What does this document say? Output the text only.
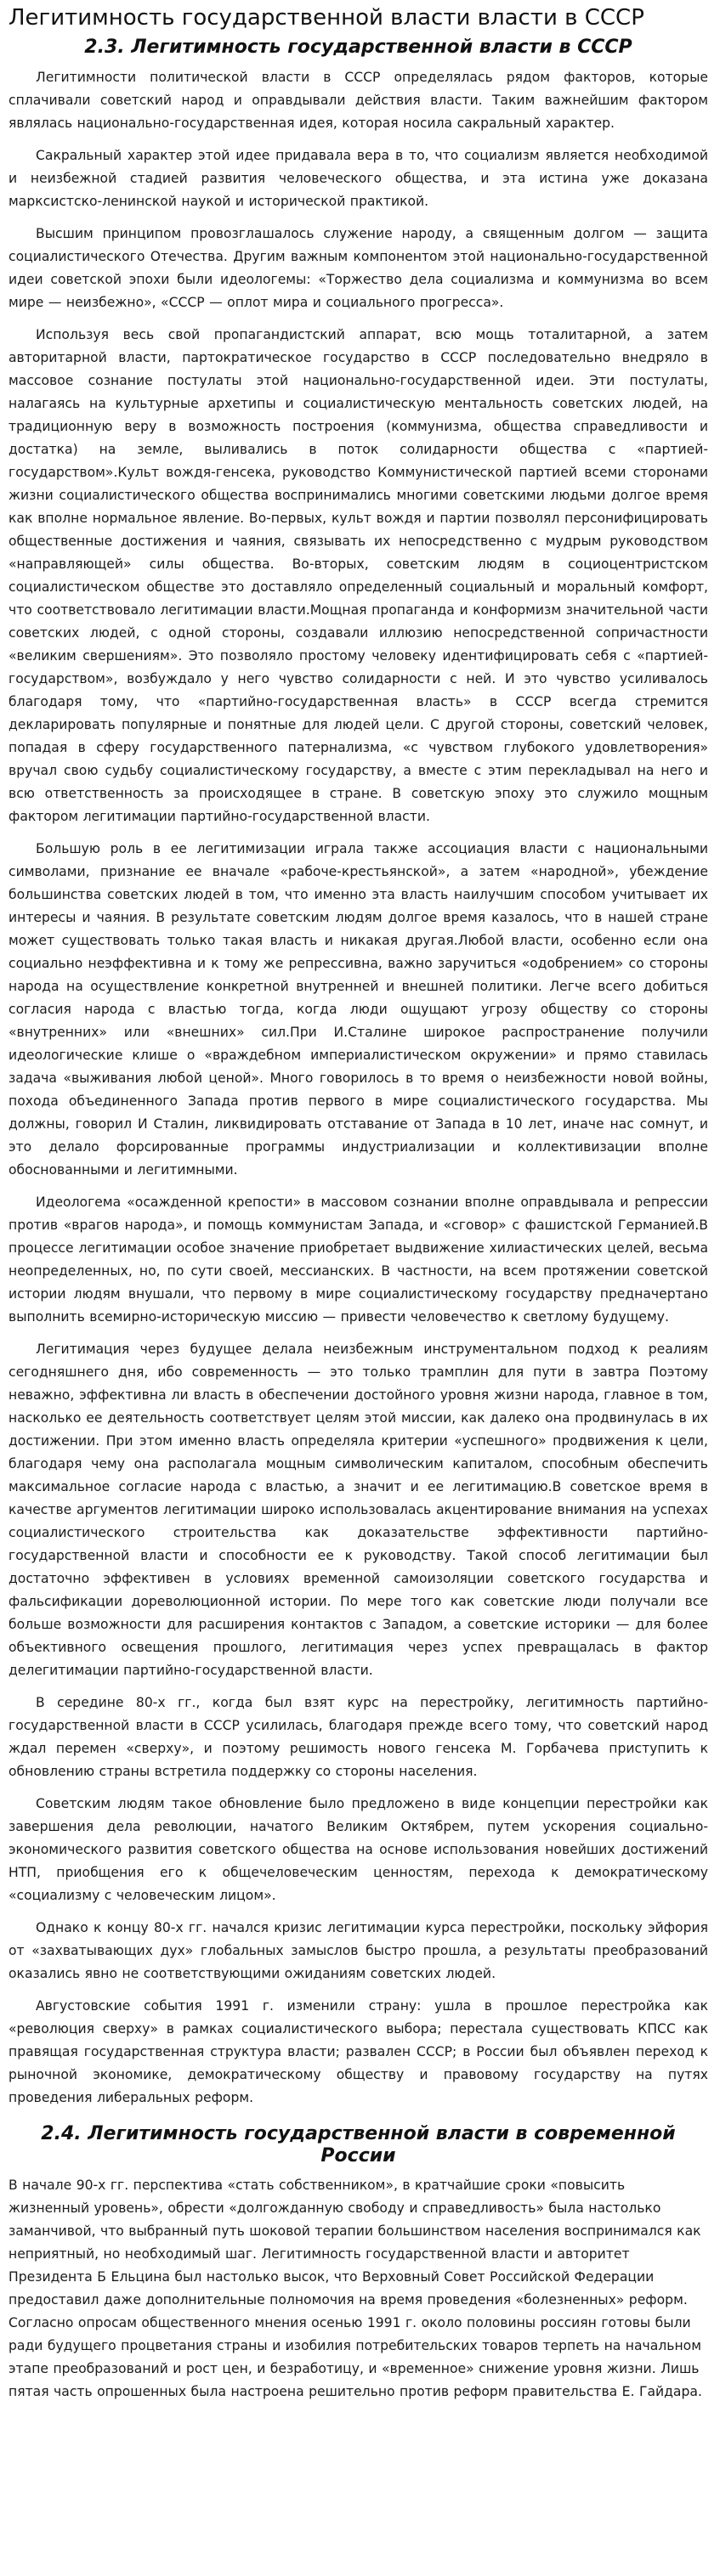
Легитимность государственной власти власти в СССР
2.3. Легитимность государственной власти в СССР

Легитимности политической власти в СССР определялась рядом факторов, которые сплачивали советский народ и оправдывали действия власти. Таким важнейшим фактором являлась национально-государственная идея, которая носила сакральный характер.

Сакральный характер этой идее придавала вера в то, что социализм является необходимой и неизбежной стадией развития человеческого общества, и эта истина уже доказана марксистско-ленинской наукой и исторической практикой.

Высшим принципом провозглашалось служение народу, а священным долгом — защита социалистического Отечества. Другим важным компонентом этой национально-государственной идеи советской эпохи были идеологемы: «Торжество дела социализма и коммунизма во всем мире — неизбежно», «СССР — оплот мира и социального прогресса».

Используя весь свой пропагандистский аппарат, всю мощь тоталитарной, а затем авторитарной власти, партократическое государство в СССР последовательно внедряло в массовое сознание постулаты этой национально-государственной идеи. Эти постулаты, налагаясь на культурные архетипы и социалистическую ментальность советских людей, на традиционную веру в возможность построения (коммунизма, общества справедливости и достатка) на земле, выливались в поток солидарности общества с «партией-государством».Культ вождя-генсека, руководство Коммунистической партией всеми сторонами жизни социалистического общества воспринимались многими советскими людьми долгое время как вполне нормальное явление. Во-первых, культ вождя и партии позволял персонифицировать общественные достижения и чаяния, связывать их непосредственно с мудрым руководством «направляющей» силы общества. Во-вторых, советским людям в социоцентристском социалистическом обществе это доставляло определенный социальный и моральный комфорт, что соответствовало легитимации власти.Мощная пропаганда и конформизм значительной части советских людей, с одной стороны, создавали иллюзию непосредственной сопричастности «великим свершениям». Это позволяло простому человеку идентифицировать себя с «партией-государством», возбуждало у него чувство солидарности с ней. И это чувство усиливалось благодаря тому, что «партийно-государственная власть» в СССР всегда стремится декларировать популярные и понятные для людей цели. С другой стороны, советский человек, попадая в сферу государственного патернализма, «с чувством глубокого удовлетворения» вручал свою судьбу социалистическому государству, а вместе с этим перекладывал на него и всю ответственность за происходящее в стране. В советскую эпоху это служило мощным фактором легитимации партийно-государственной власти.

Большую роль в ее легитимизации играла также ассоциация власти с национальными символами, признание ее вначале «рабоче-крестьянской», а затем «народной», убеждение большинства советских людей в том, что именно эта власть наилучшим способом учитывает их интересы и чаяния. В результате советским людям долгое время казалось, что в нашей стране может существовать только такая власть и никакая другая.Любой власти, особенно если она социально неэффективна и к тому же репрессивна, важно заручиться «одобрением» со стороны народа на осуществление конкретной внутренней и внешней политики. Легче всего добиться согласия народа с властью тогда, когда люди ощущают угрозу обществу со стороны «внутренних» или «внешних» сил.При И.Сталине широкое распространение получили идеологические клише о «враждебном империалистическом окружении» и прямо ставилась задача «выживания любой ценой». Много говорилось в то время о неизбежности новой войны, похода объединенного Запада против первого в мире социалистического государства. Мы должны, говорил И Сталин, ликвидировать отставание от Запада в 10 лет, иначе нас сомнут, и это делало форсированные программы индустриализации и коллективизации вполне обоснованными и легитимными.

Идеологема «осажденной крепости» в массовом сознании вполне оправдывала и репрессии против «врагов народа», и помощь коммунистам Запада, и «сговор» с фашистской Германией.В процессе легитимации особое значение приобретает выдвижение хилиастических целей, весьма неопределенных, но, по сути своей, мессианских. В частности, на всем протяжении советской истории людям внушали, что первому в мире социалистическому государству предначертано выполнить всемирно-историческую миссию — привести человечество к светлому будущему.

Легитимация через будущее делала неизбежным инструментальном подход к реалиям сегодняшнего дня, ибо современность — это только трамплин для пути в завтра Поэтому неважно, эффективна ли власть в обеспечении достойного уровня жизни народа, главное в том, насколько ее деятельность соответствует целям этой миссии, как далеко она продвинулась в их достижении. При этом именно власть определяла критерии «успешного» продвижения к цели, благодаря чему она располагала мощным символическим капиталом, способным обеспечить максимальное согласие народа с властью, а значит и ее легитимацию.В советское время в качестве аргументов легитимации широко использовалась акцентирование внимания на успехах социалистического строительства как доказательстве эффективности партийно-государственной власти и способности ее к руководству. Такой способ легитимации был достаточно эффективен в условиях временной самоизоляции советского государства и фальсификации дореволюционной истории. По мере того как советские люди получали все больше возможности для расширения контактов с Западом, а советские историки — для более объективного освещения прошлого, легитимация через успех превращалась в фактор делегитимации партийно-государственной власти.

В середине 80-х гг., когда был взят курс на перестройку, легитимность партийно-государственной власти в СССР усилилась, благодаря прежде всего тому, что советский народ ждал перемен «сверху», и поэтому решимость нового генсека М. Горбачева приступить к обновлению страны встретила поддержку со стороны населения.

Советским людям такое обновление было предложено в виде концепции перестройки как завершения дела революции, начатого Великим Октябрем, путем ускорения социально-экономического развития советского общества на основе использования новейших достижений НТП, приобщения его к общечеловеческим ценностям, перехода к демократическому «социализму с человеческим лицом».

Однако к концу 80-х гг. начался кризис легитимации курса перестройки, поскольку эйфория от «захватывающих дух» глобальных замыслов быстро прошла, а результаты преобразований оказались явно не соответствующими ожиданиям советских людей.

Августовские события 1991 г. изменили страну: ушла в прошлое перестройка как «революция сверху» в рамках социалистического выбора; перестала существовать КПСС как правящая государственная структура власти; развален СССР; в России был объявлен переход к рыночной экономике, демократическому обществу и правовому государству на путях проведения либеральных реформ.

2.4. Легитимность государственной власти в современной России

В начале 90-х гг. перспектива «стать собственником», в кратчайшие сроки «повысить жизненный уровень», обрести «долгожданную свободу и справедливость» была настолько заманчивой, что выбранный путь шоковой терапии большинством населения воспринимался как неприятный, но необходимый шаг. Легитимность государственной власти и авторитет Президента Б Ельцина был настолько высок, что Верховный Совет Российской Федерации предоставил даже дополнительные полномочия на время проведения «болезненных» реформ. Согласно опросам общественного мнения осенью 1991 г. около половины россиян готовы были ради будущего процветания страны и изобилия потребительских товаров терпеть на начальном этапе преобразований и рост цен, и безработицу, и «временное» снижение уровня жизни. Лишь пятая часть опрошенных была настроена решительно против реформ правительства Е. Гайдара.
